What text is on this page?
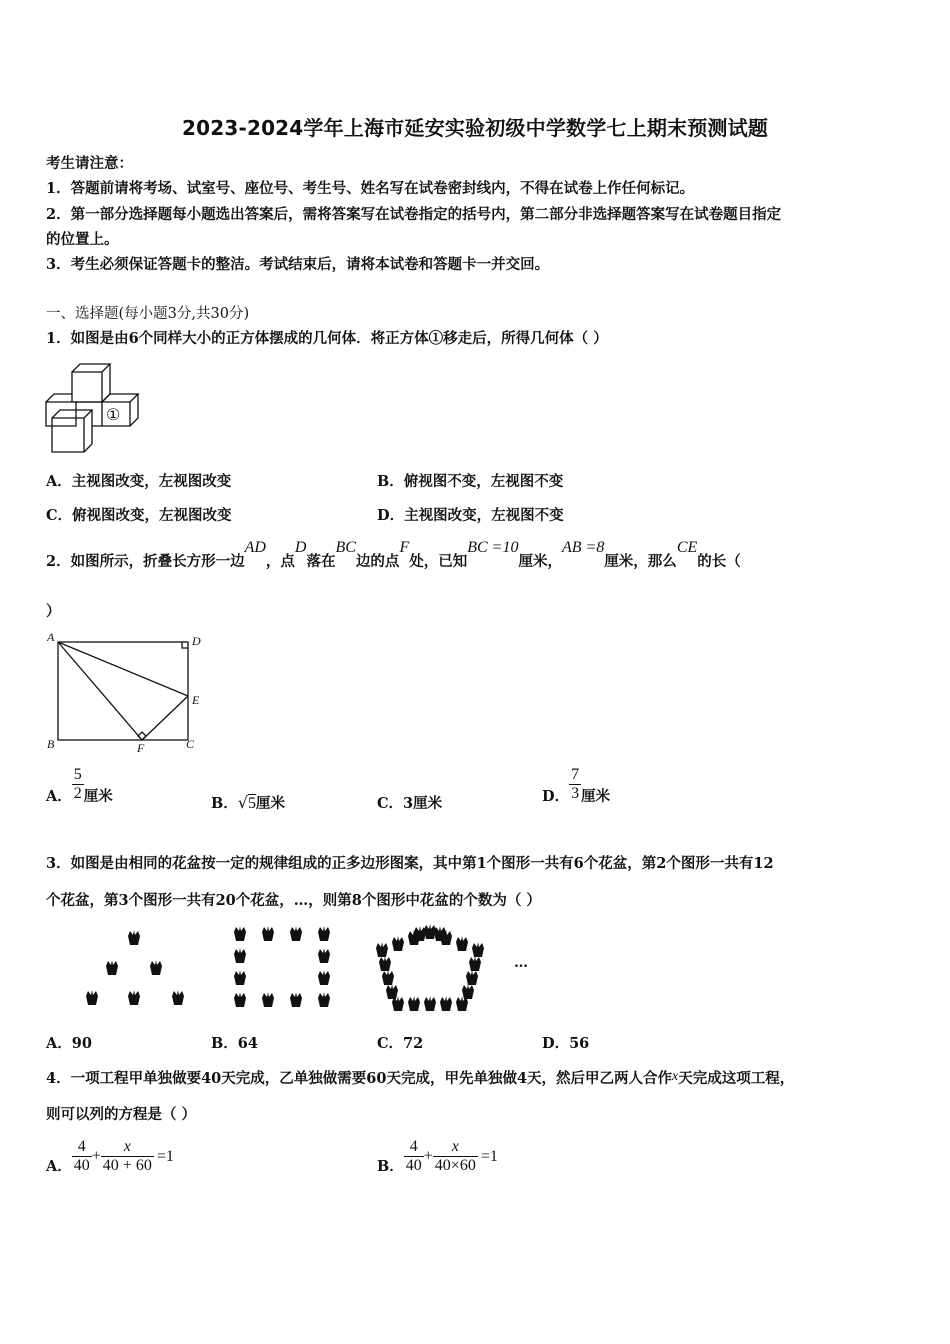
2023-2024学年上海市延安实验初级中学数学七上期末预测试题
考生请注意：
1．答题前请将考场、试室号、座位号、考生号、姓名写在试卷密封线内，不得在试卷上作任何标记。
2．第一部分选择题每小题选出答案后，需将答案写在试卷指定的括号内，第二部分非选择题答案写在试卷题目指定
的位置上。
3．考生必须保证答题卡的整洁。考试结束后，请将本试卷和答题卡一并交回。
一、选择题(每小题3分,共30分)
1．如图是由6个同样大小的正方体摆成的几何体．将正方体①移走后，所得几何体（ ）
①
A．主视图改变，左视图改变	B．俯视图不变，左视图不变
C．俯视图改变，左视图改变	D．主视图改变，左视图不变
2．如图所示，折叠长方形一边AD，点D落在BC边的点F处，已知BC =10厘米，AB =8厘米，那么CE的长（
）
A	D
E
B	F	C
A． $\frac{5}{2}$ 厘米	B．√5厘米	C．3厘米	D． $\frac{7}{3}$ 厘米
3．如图是由相同的花盆按一定的规律组成的正多边形图案，其中第1个图形一共有6个花盆，第2个图形一共有12
个花盆，第3个图形一共有20个花盆，…，则第8个图形中花盆的个数为（ ）
…
A．90	B．64	C．72	D．56
4．一项工程甲单独做要40天完成，乙单独做需要60天完成，甲先单独做4天，然后甲乙两人合作x天完成这项工程，
则可以列的方程是（ ）
A． $\frac{4}{40} + \frac{x}{40 + 60} =1$
B． $\frac{4}{40} + \frac{x}{40\times 60} =1$
